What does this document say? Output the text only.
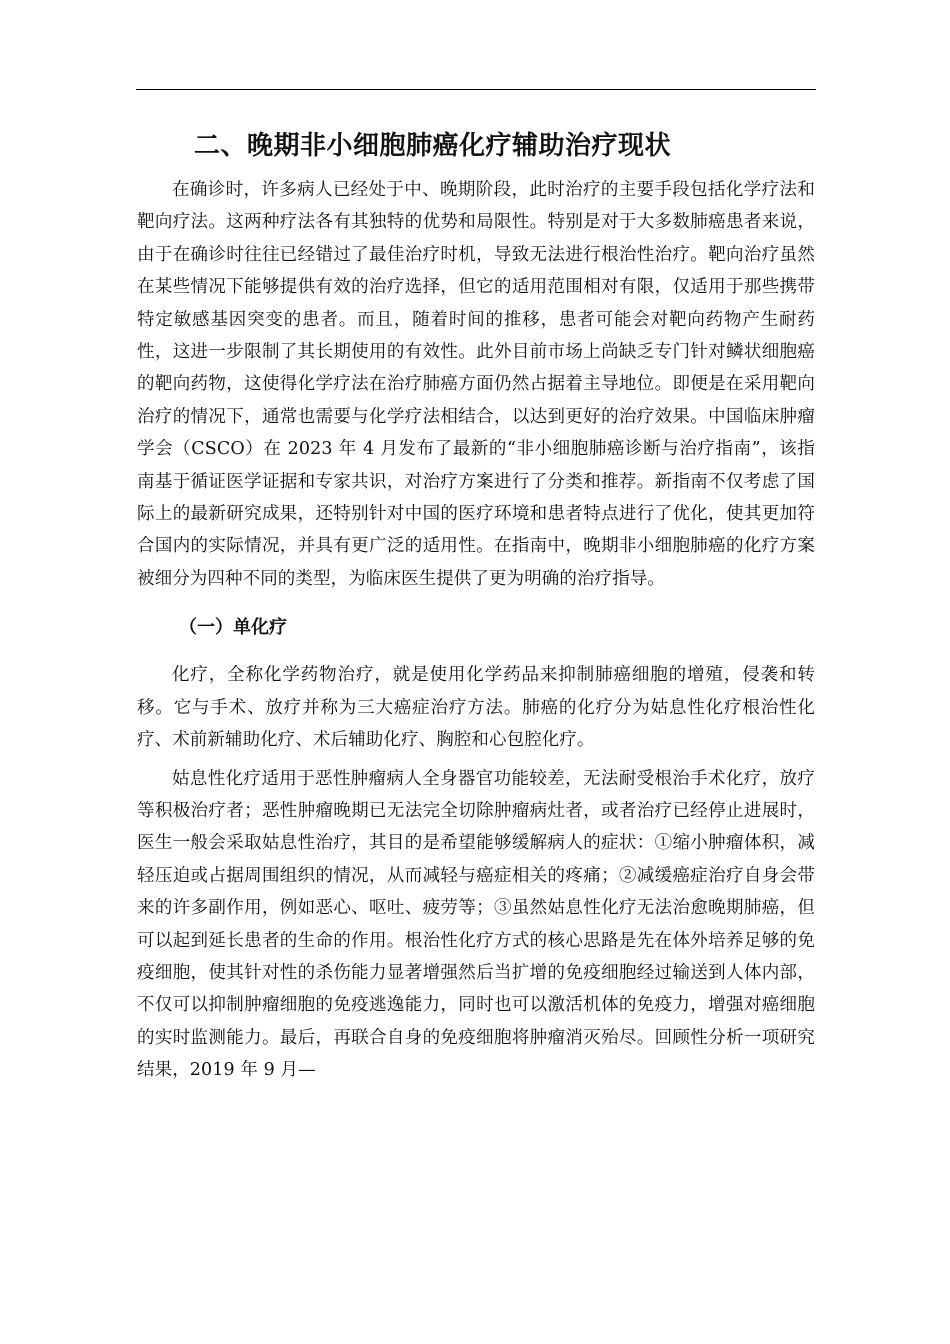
二、晚期非小细胞肺癌化疗辅助治疗现状

在确诊时，许多病人已经处于中、晚期阶段，此时治疗的主要手段包括化学疗法和靶向疗法。这两种疗法各有其独特的优势和局限性。特别是对于大多数肺癌患者来说，由于在确诊时往往已经错过了最佳治疗时机，导致无法进行根治性治疗。靶向治疗虽然在某些情况下能够提供有效的治疗选择，但它的适用范围相对有限，仅适用于那些携带特定敏感基因突变的患者。而且，随着时间的推移，患者可能会对靶向药物产生耐药性，这进一步限制了其长期使用的有效性。此外目前市场上尚缺乏专门针对鳞状细胞癌的靶向药物，这使得化学疗法在治疗肺癌方面仍然占据着主导地位。即便是在采用靶向治疗的情况下，通常也需要与化学疗法相结合，以达到更好的治疗效果。中国临床肿瘤学会（CSCO）在 2023 年 4 月发布了最新的“非小细胞肺癌诊断与治疗指南”，该指南基于循证医学证据和专家共识，对治疗方案进行了分类和推荐。新指南不仅考虑了国际上的最新研究成果，还特别针对中国的医疗环境和患者特点进行了优化，使其更加符合国内的实际情况，并具有更广泛的适用性。在指南中，晚期非小细胞肺癌的化疗方案被细分为四种不同的类型，为临床医生提供了更为明确的治疗指导。

（一）单化疗

化疗，全称化学药物治疗，就是使用化学药品来抑制肺癌细胞的增殖，侵袭和转移。它与手术、放疗并称为三大癌症治疗方法。肺癌的化疗分为姑息性化疗根治性化疗、术前新辅助化疗、术后辅助化疗、胸腔和心包腔化疗。

姑息性化疗适用于恶性肿瘤病人全身器官功能较差，无法耐受根治手术化疗，放疗等积极治疗者；恶性肿瘤晚期已无法完全切除肿瘤病灶者，或者治疗已经停止进展时，医生一般会采取姑息性治疗，其目的是希望能够缓解病人的症状：①缩小肿瘤体积，减轻压迫或占据周围组织的情况，从而减轻与癌症相关的疼痛；②减缓癌症治疗自身会带来的许多副作用，例如恶心、呕吐、疲劳等；③虽然姑息性化疗无法治愈晚期肺癌，但可以起到延长患者的生命的作用。根治性化疗方式的核心思路是先在体外培养足够的免疫细胞，使其针对性的杀伤能力显著增强然后当扩增的免疫细胞经过输送到人体内部，不仅可以抑制肿瘤细胞的免疫逃逸能力，同时也可以激活机体的免疫力，增强对癌细胞的实时监测能力。最后，再联合自身的免疫细胞将肿瘤消灭殆尽。回顾性分析一项研究结果，2019 年 9 月—
